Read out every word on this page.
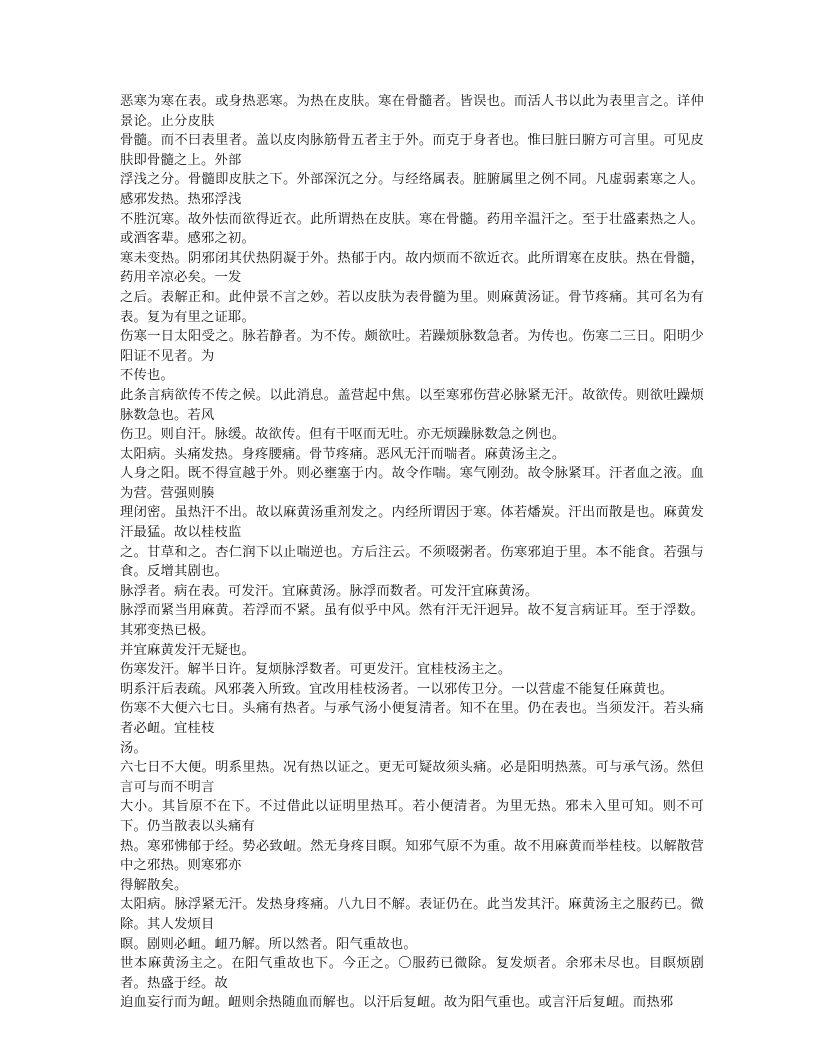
恶寒为寒在表。或身热恶寒。为热在皮肤。寒在骨髓者。皆误也。而活人书以此为表里言之。详仲景论。止分皮肤

骨髓。而不曰表里者。盖以皮肉脉筋骨五者主于外。而克于身者也。惟曰脏曰腑方可言里。可见皮肤即骨髓之上。外部

浮浅之分。骨髓即皮肤之下。外部深沉之分。与经络属表。脏腑属里之例不同。凡虚弱素寒之人。感邪发热。热邪浮浅

不胜沉寒。故外怯而欲得近衣。此所谓热在皮肤。寒在骨髓。药用辛温汗之。至于壮盛素热之人。或酒客辈。感邪之初。

寒未变热。阴邪闭其伏热阴凝于外。热郁于内。故内烦而不欲近衣。此所谓寒在皮肤。热在骨髓，药用辛凉必矣。一发

之后。表解正和。此仲景不言之妙。若以皮肤为表骨髓为里。则麻黄汤证。骨节疼痛。其可名为有表。复为有里之证耶。

伤寒一日太阳受之。脉若静者。为不传。颇欲吐。若躁烦脉数急者。为传也。伤寒二三日。阳明少阳证不见者。为

不传也。

此条言病欲传不传之候。以此消息。盖营起中焦。以至寒邪伤营必脉紧无汗。故欲传。则欲吐躁烦脉数急也。若风

伤卫。则自汗。脉缓。故欲传。但有干呕而无吐。亦无烦躁脉数急之例也。

太阳病。头痛发热。身疼腰痛。骨节疼痛。恶风无汗而喘者。麻黄汤主之。

人身之阳。既不得宣越于外。则必壅塞于内。故令作喘。寒气刚劲。故令脉紧耳。汗者血之液。血为营。营强则腠

理闭密。虽热汗不出。故以麻黄汤重剂发之。内经所谓因于寒。体若燔炭。汗出而散是也。麻黄发汗最猛。故以桂枝监

之。甘草和之。杏仁润下以止喘逆也。方后注云。不须啜粥者。伤寒邪迫于里。本不能食。若强与食。反增其剧也。

脉浮者。病在表。可发汗。宜麻黄汤。脉浮而数者。可发汗宜麻黄汤。

脉浮而紧当用麻黄。若浮而不紧。虽有似乎中风。然有汗无汗迥异。故不复言病证耳。至于浮数。其邪变热已极。

并宜麻黄发汗无疑也。

伤寒发汗。解半日许。复烦脉浮数者。可更发汗。宜桂枝汤主之。

明系汗后表疏。风邪袭入所致。宜改用桂枝汤者。一以邪传卫分。一以营虚不能复任麻黄也。

伤寒不大便六七日。头痛有热者。与承气汤小便复清者。知不在里。仍在表也。当须发汗。若头痛者必衄。宜桂枝

汤。

六七日不大便。明系里热。况有热以证之。更无可疑故须头痛。必是阳明热蒸。可与承气汤。然但言可与而不明言

大小。其旨原不在下。不过借此以证明里热耳。若小便清者。为里无热。邪未入里可知。则不可下。仍当散表以头痛有

热。寒邪怫郁于经。势必致衄。然无身疼目瞑。知邪气原不为重。故不用麻黄而举桂枝。以解散营中之邪热。则寒邪亦

得解散矣。

太阳病。脉浮紧无汗。发热身疼痛。八九日不解。表证仍在。此当发其汗。麻黄汤主之服药已。微除。其人发烦目

瞑。剧则必衄。衄乃解。所以然者。阳气重故也。

世本麻黄汤主之。在阳气重故也下。今正之。〇服药已微除。复发烦者。余邪未尽也。目瞑烦剧者。热盛于经。故

迫血妄行而为衄。衄则余热随血而解也。以汗后复衄。故为阳气重也。或言汗后复衄。而热邪
